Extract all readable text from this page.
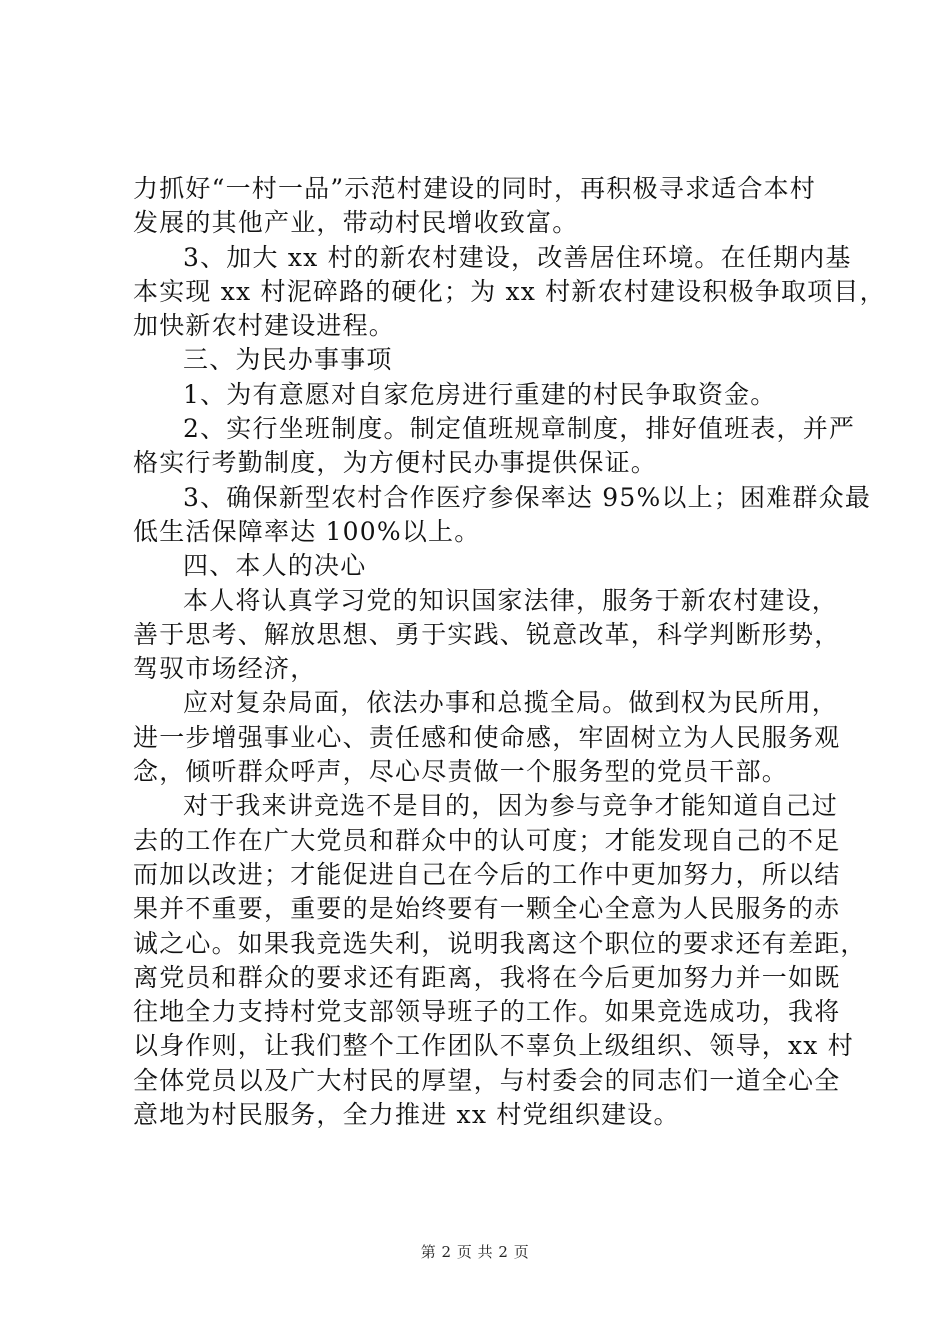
力抓好“一村一品”示范村建设的同时，再积极寻求适合本村
发展的其他产业，带动村民增收致富。
3、加大 xx 村的新农村建设，改善居住环境。在任期内基
本实现 xx 村泥碎路的硬化；为 xx 村新农村建设积极争取项目，
加快新农村建设进程。
三、为民办事事项
1、为有意愿对自家危房进行重建的村民争取资金。
2、实行坐班制度。制定值班规章制度，排好值班表，并严
格实行考勤制度，为方便村民办事提供保证。
3、确保新型农村合作医疗参保率达 95%以上；困难群众最
低生活保障率达 100%以上。
四、本人的决心
本人将认真学习党的知识国家法律，服务于新农村建设，
善于思考、解放思想、勇于实践、锐意改革，科学判断形势，
驾驭市场经济，
应对复杂局面，依法办事和总揽全局。做到权为民所用，
进一步增强事业心、责任感和使命感，牢固树立为人民服务观
念，倾听群众呼声，尽心尽责做一个服务型的党员干部。
对于我来讲竞选不是目的，因为参与竞争才能知道自己过
去的工作在广大党员和群众中的认可度；才能发现自己的不足
而加以改进；才能促进自己在今后的工作中更加努力，所以结
果并不重要，重要的是始终要有一颗全心全意为人民服务的赤
诚之心。如果我竞选失利，说明我离这个职位的要求还有差距，
离党员和群众的要求还有距离，我将在今后更加努力并一如既
往地全力支持村党支部领导班子的工作。如果竞选成功，我将
以身作则，让我们整个工作团队不辜负上级组织、领导，xx 村
全体党员以及广大村民的厚望，与村委会的同志们一道全心全
意地为村民服务，全力推进 xx 村党组织建设。
第 2 页 共 2 页
